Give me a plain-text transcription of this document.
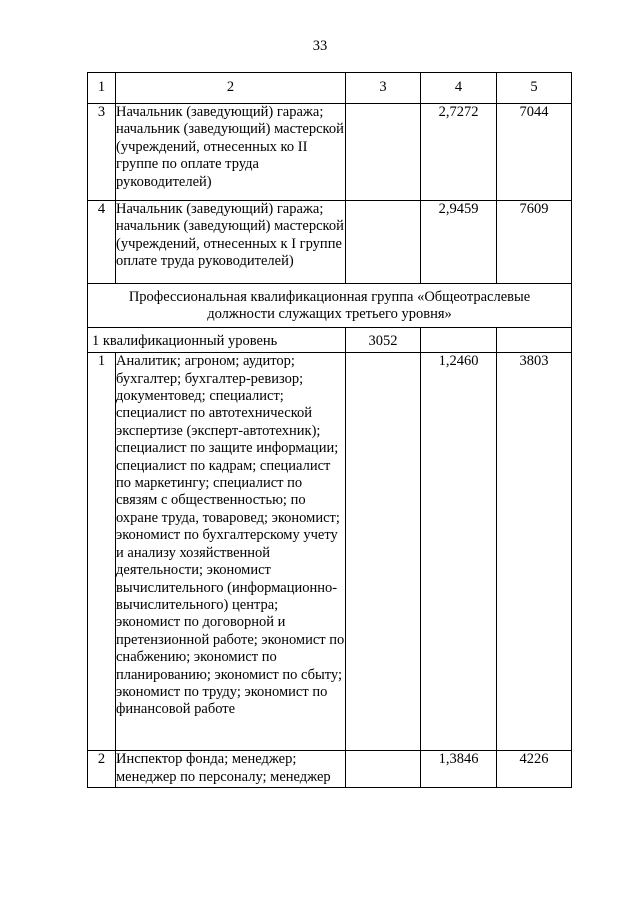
33
1	2	3	4	5
3	Начальник (заведующий) гаража; начальник (заведующий) мастерской (учреждений, отнесенных ко II группе по оплате труда руководителей)		2,7272	7044
4	Начальник (заведующий) гаража; начальник (заведующий) мастерской (учреждений, отнесенных к I группе оплате труда руководителей)		2,9459	7609
Профессиональная квалификационная группа «Общеотраслевые должности служащих третьего уровня»				
1 квалификационный уровень		3052		
1	Аналитик; агроном; аудитор; бухгалтер; бухгалтер-ревизор; документовед; специалист; специалист по автотехнической экспертизе (эксперт-автотехник); специалист по защите информации; специалист по кадрам; специалист по маркетингу; специалист по связям с общественностью; по охране труда, товаровед; экономист; экономист по бухгалтерскому учету и анализу хозяйственной деятельности; экономист вычислительного (информационно-вычислительного) центра; экономист по договорной и претензионной работе; экономист по снабжению; экономист по планированию; экономист по сбыту; экономист по труду; экономист по финансовой работе		1,2460	3803
2	Инспектор фонда; менеджер; менеджер по персоналу; менеджер		1,3846	4226
